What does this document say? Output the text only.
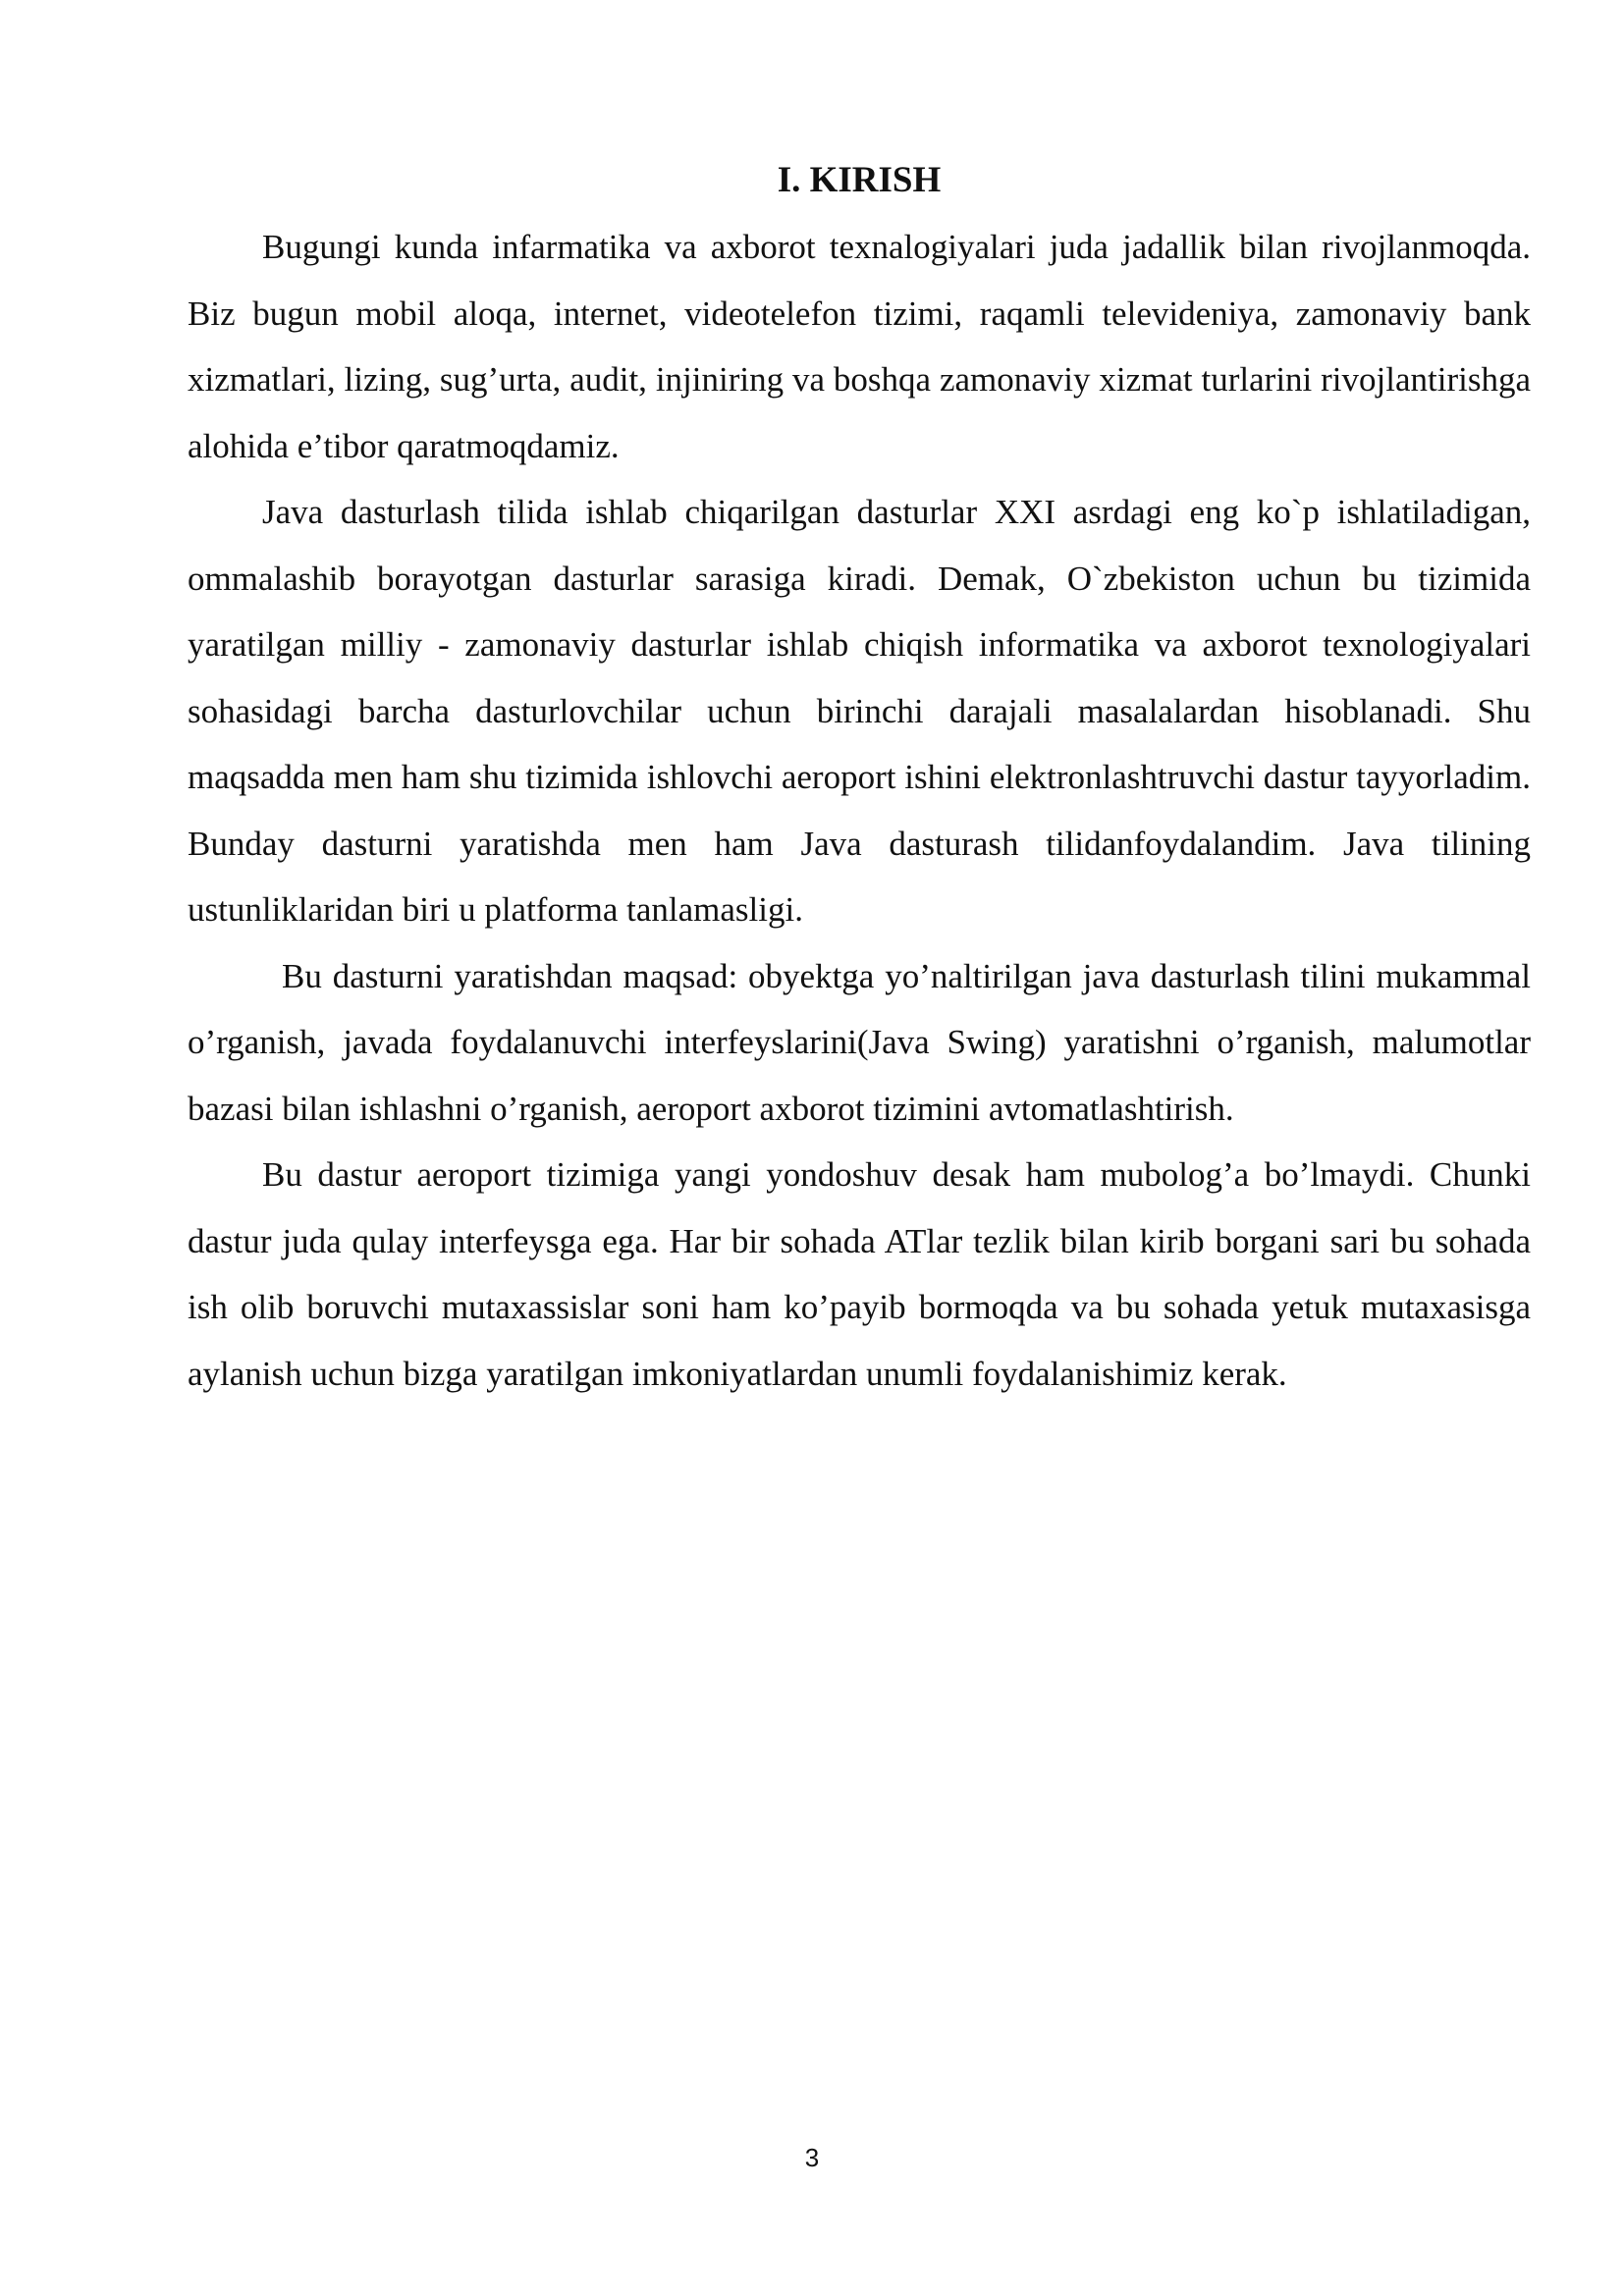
I. KIRISH

Bugungi kunda infarmatika va axborot texnalogiyalari juda jadallik bilan rivojlanmoqda. Biz bugun mobil aloqa, internet, videotelefon tizimi, raqamli televideniya, zamonaviy bank xizmatlari, lizing, sug’urta, audit, injiniring va boshqa zamonaviy xizmat turlarini rivojlantirishga alohida e’tibor qaratmoqdamiz.

Java dasturlash tilida ishlab chiqarilgan dasturlar XXI asrdagi eng ko`p ishlatiladigan, ommalashib borayotgan dasturlar sarasiga kiradi. Demak, O`zbekiston uchun bu tizimida yaratilgan milliy - zamonaviy dasturlar ishlab chiqish informatika va axborot texnologiyalari sohasidagi barcha dasturlovchilar uchun birinchi darajali masalalardan hisoblanadi. Shu maqsadda men ham shu tizimida ishlovchi aeroport ishini elektronlashtruvchi dastur tayyorladim. Bunday dasturni yaratishda men ham Java dasturash tilidanfoydalandim. Java tilining ustunliklaridan biri u platforma tanlamasligi.

Bu dasturni yaratishdan maqsad: obyektga yo’naltirilgan java dasturlash tilini mukammal o’rganish, javada foydalanuvchi interfeyslarini(Java Swing) yaratishni o’rganish, malumotlar bazasi bilan ishlashni o’rganish, aeroport axborot tizimini avtomatlashtirish.

Bu dastur aeroport tizimiga yangi yondoshuv desak ham mubolog’a bo’lmaydi. Chunki dastur juda qulay interfeysga ega. Har bir sohada ATlar tezlik bilan kirib borgani sari bu sohada ish olib boruvchi mutaxassislar soni ham ko’payib bormoqda va bu sohada yetuk mutaxasisga aylanish uchun bizga yaratilgan imkoniyatlardan unumli foydalanishimiz kerak.

3
